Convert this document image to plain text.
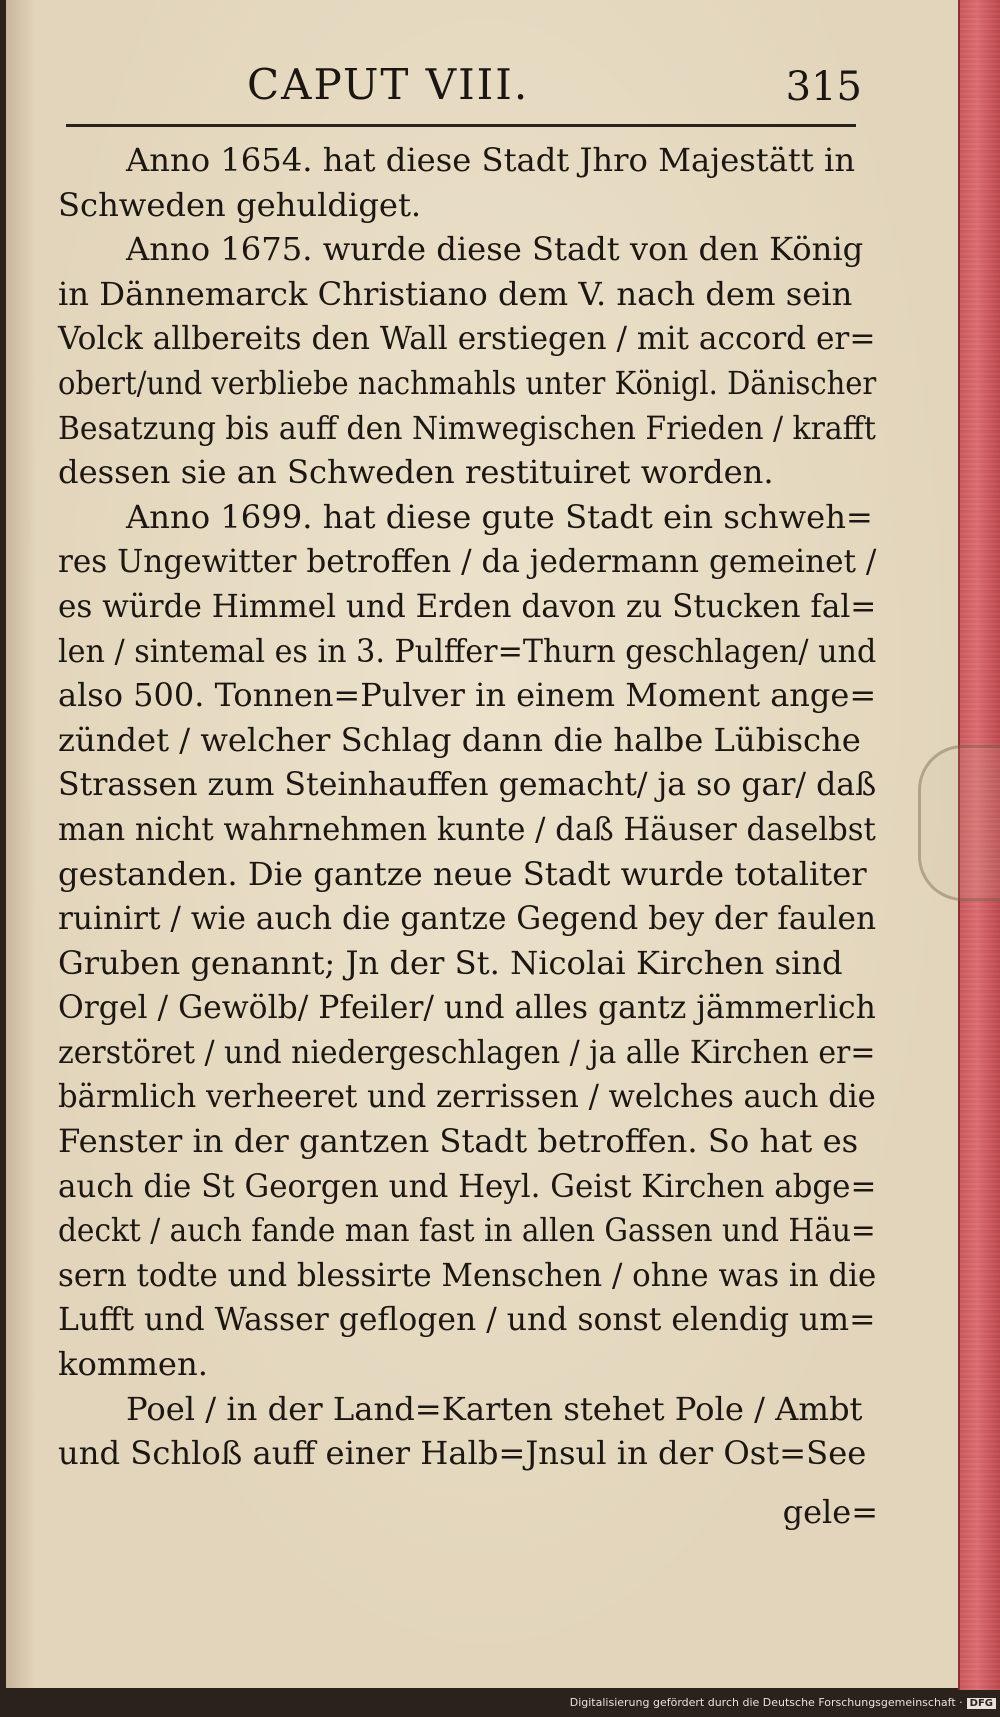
CAPUT VIII.	315
Anno 1654. hat diese Stadt Jhro Majestätt in
Schweden gehuldiget.
Anno 1675. wurde diese Stadt von den König
in Dännemarck Christiano dem V. nach dem sein
Volck allbereits den Wall erstiegen / mit accord er=
obert/und verbliebe nachmahls unter Königl. Dänischer
Besatzung bis auff den Nimwegischen Frieden / krafft
dessen sie an Schweden restituiret worden.
Anno 1699. hat diese gute Stadt ein schweh=
res Ungewitter betroffen / da jedermann gemeinet /
es würde Himmel und Erden davon zu Stucken fal=
len / sintemal es in 3. Pulffer=Thurn geschlagen/ und
also 500. Tonnen=Pulver in einem Moment ange=
zündet / welcher Schlag dann die halbe Lübische
Strassen zum Steinhauffen gemacht/ ja so gar/ daß
man nicht wahrnehmen kunte / daß Häuser daselbst
gestanden. Die gantze neue Stadt wurde totaliter
ruinirt / wie auch die gantze Gegend bey der faulen
Gruben genannt; Jn der St. Nicolai Kirchen sind
Orgel / Gewölb/ Pfeiler/ und alles gantz jämmerlich
zerstöret / und niedergeschlagen / ja alle Kirchen er=
bärmlich verheeret und zerrissen / welches auch die
Fenster in der gantzen Stadt betroffen. So hat es
auch die St Georgen und Heyl. Geist Kirchen abge=
deckt / auch fande man fast in allen Gassen und Häu=
sern todte und blessirte Menschen / ohne was in die
Lufft und Wasser geflogen / und sonst elendig um=
kommen.
Poel / in der Land=Karten stehet Pole / Ambt
und Schloß auff einer Halb=Jnsul in der Ost=See
gele=
Digitalisierung gefördert durch die Deutsche Forschungsgemeinschaft · DFG
